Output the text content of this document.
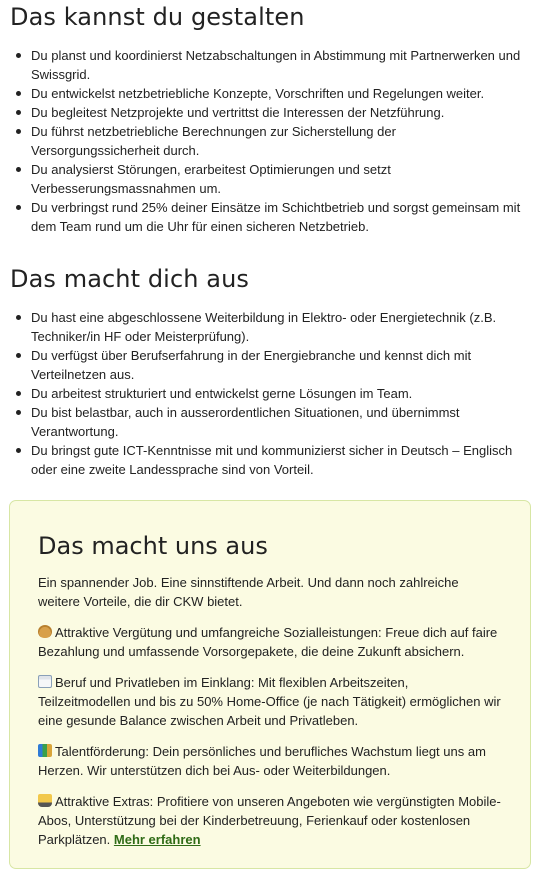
Das kannst du gestalten
Du planst und koordinierst Netzabschaltungen in Abstimmung mit Partnerwerken und Swissgrid.
Du entwickelst netzbetriebliche Konzepte, Vorschriften und Regelungen weiter.
Du begleitest Netzprojekte und vertrittst die Interessen der Netzführung.
Du führst netzbetriebliche Berechnungen zur Sicherstellung der Versorgungssicherheit durch.
Du analysierst Störungen, erarbeitest Optimierungen und setzt Verbesserungsmassnahmen um.
Du verbringst rund 25% deiner Einsätze im Schichtbetrieb und sorgst gemeinsam mit dem Team rund um die Uhr für einen sicheren Netzbetrieb.
Das macht dich aus
Du hast eine abgeschlossene Weiterbildung in Elektro- oder Energietechnik (z.B. Techniker/in HF oder Meisterprüfung).
Du verfügst über Berufserfahrung in der Energiebranche und kennst dich mit Verteilnetzen aus.
Du arbeitest strukturiert und entwickelst gerne Lösungen im Team.
Du bist belastbar, auch in ausserordentlichen Situationen, und übernimmst Verantwortung.
Du bringst gute ICT-Kenntnisse mit und kommunizierst sicher in Deutsch – Englisch oder eine zweite Landessprache sind von Vorteil.
Das macht uns aus

Ein spannender Job. Eine sinnstiftende Arbeit. Und dann noch zahlreiche weitere Vorteile, die dir CKW bietet.

Attraktive Vergütung und umfangreiche Sozialleistungen: Freue dich auf faire Bezahlung und umfassende Vorsorgepakete, die deine Zukunft absichern.

Beruf und Privatleben im Einklang: Mit flexiblen Arbeitszeiten, Teilzeitmodellen und bis zu 50% Home-Office (je nach Tätigkeit) ermöglichen wir eine gesunde Balance zwischen Arbeit und Privatleben.

Talentförderung: Dein persönliches und berufliches Wachstum liegt uns am Herzen. Wir unterstützen dich bei Aus- oder Weiterbildungen.

Attraktive Extras: Profitiere von unseren Angeboten wie vergünstigten Mobile-Abos, Unterstützung bei der Kinderbetreuung, Ferienkauf oder kostenlosen Parkplätzen. Mehr erfahren
